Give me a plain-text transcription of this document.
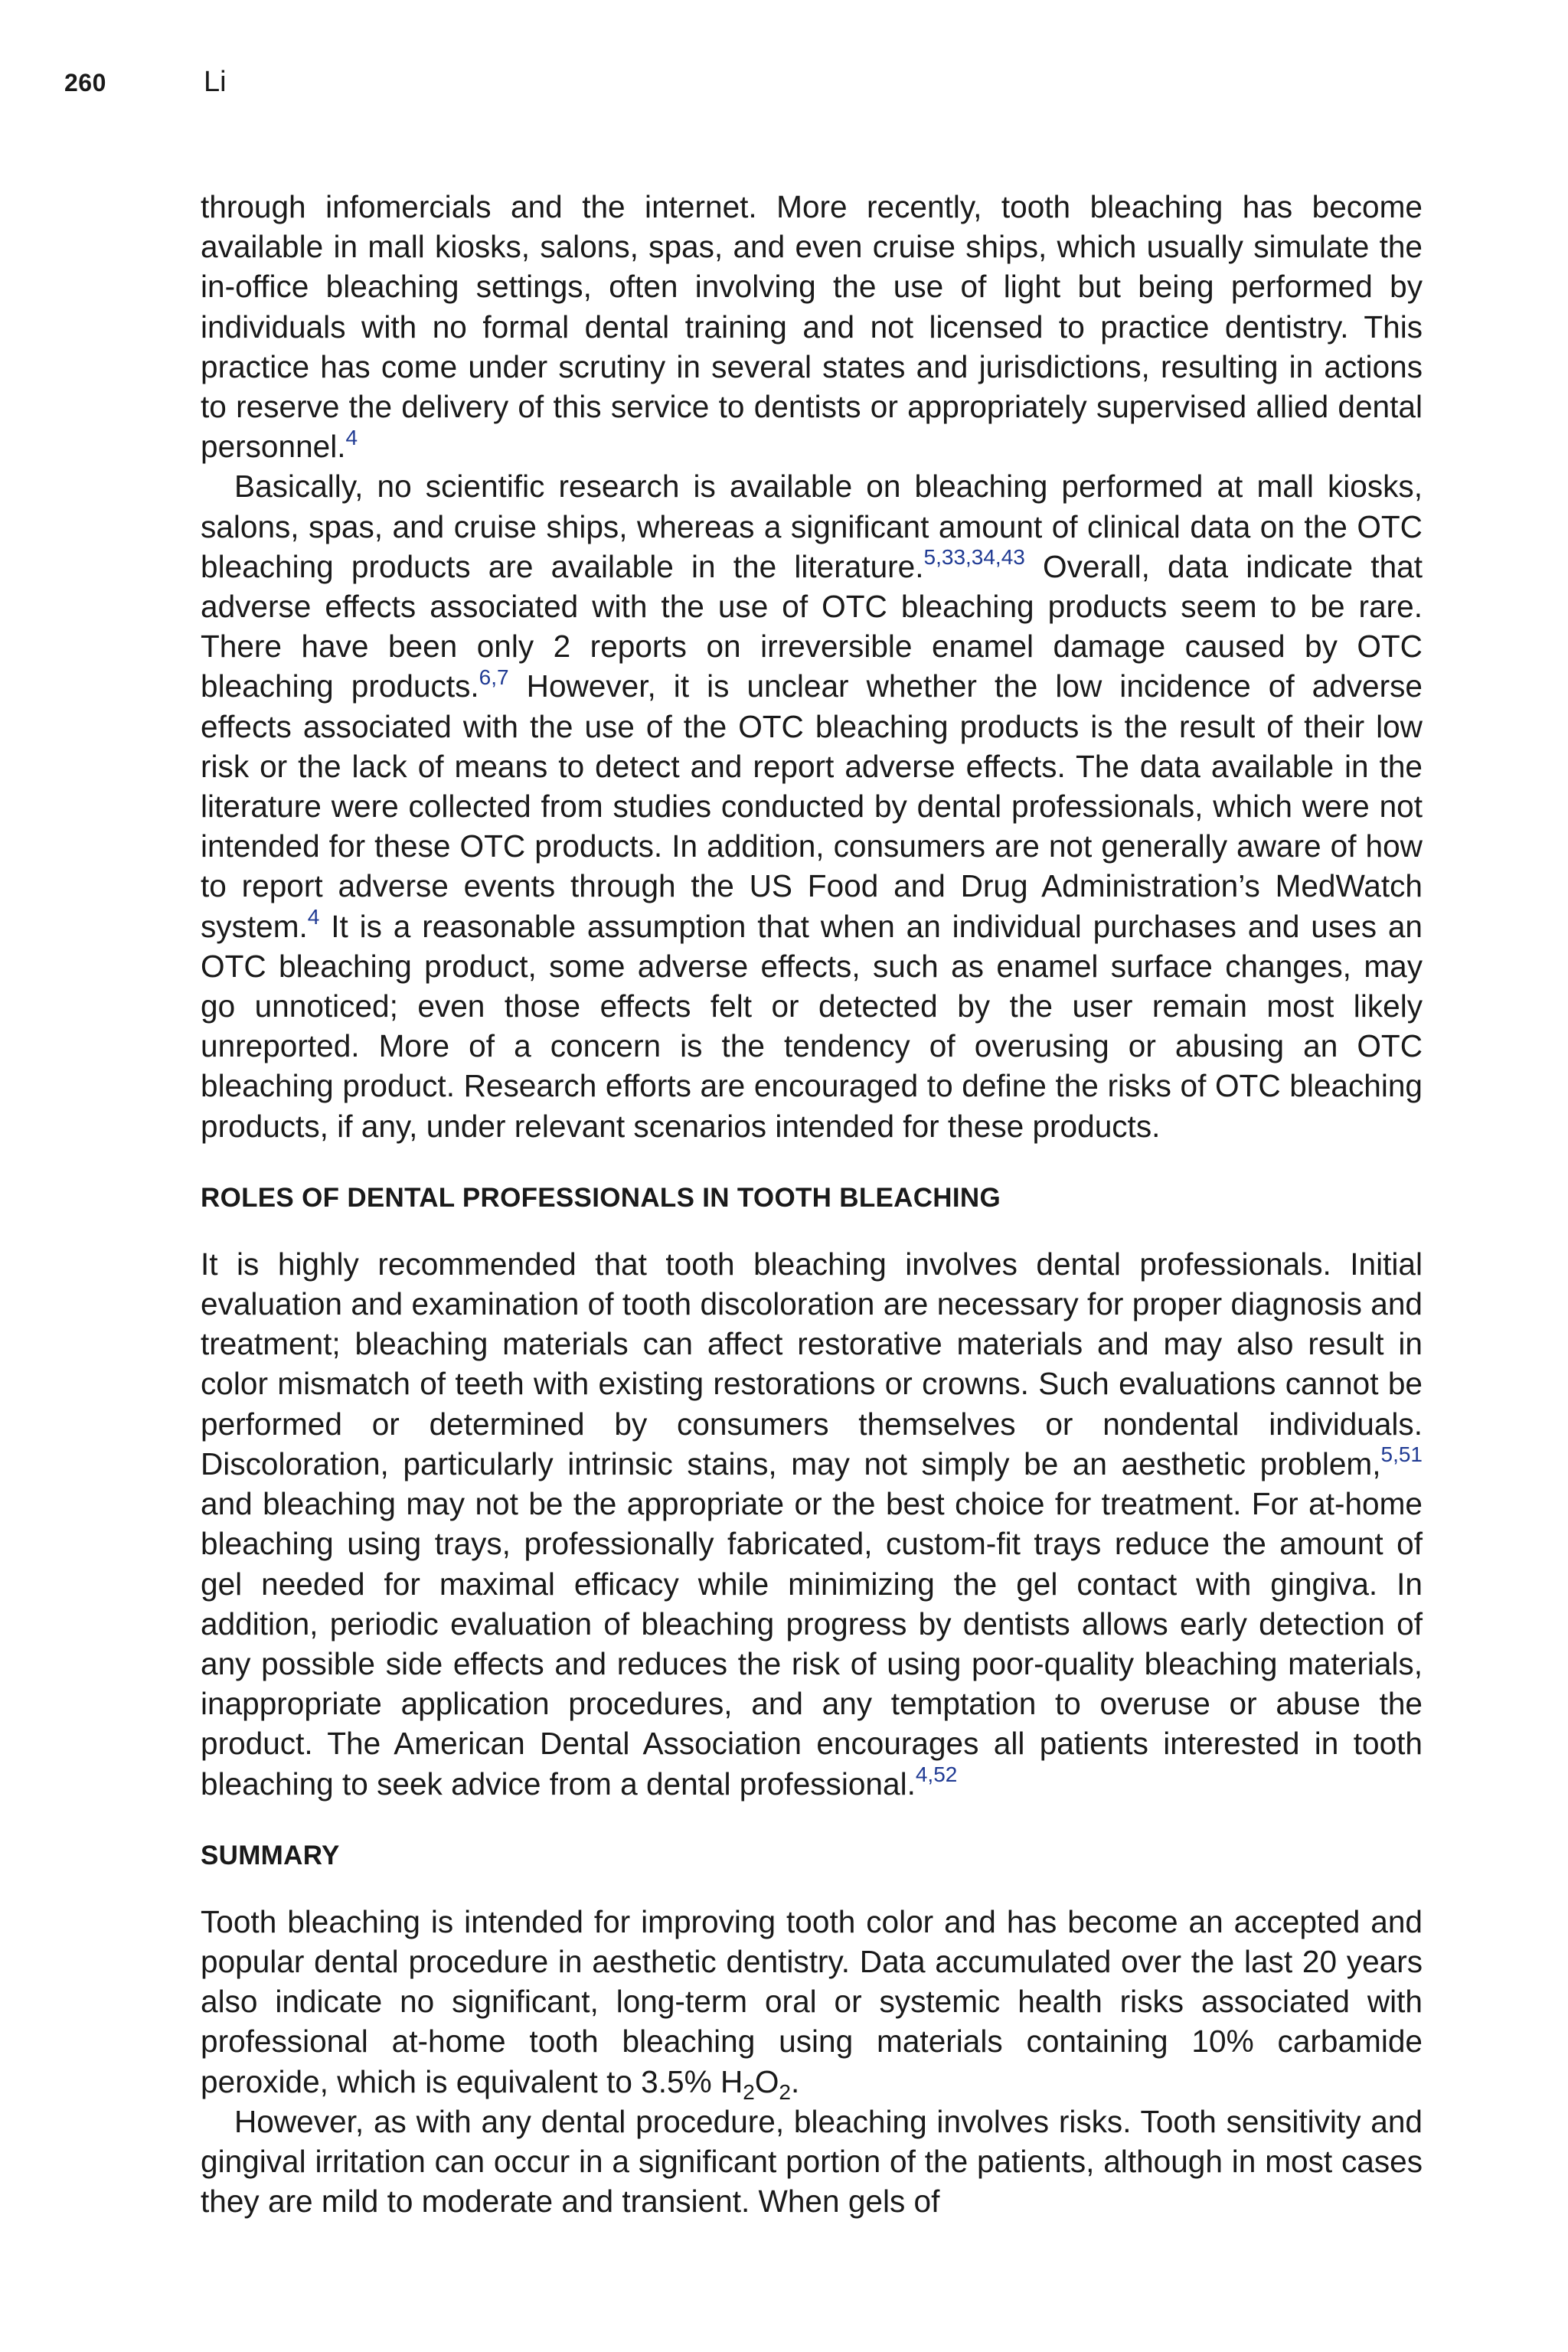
260	Li

through infomercials and the internet. More recently, tooth bleaching has become available in mall kiosks, salons, spas, and even cruise ships, which usually simulate the in-office bleaching settings, often involving the use of light but being performed by individuals with no formal dental training and not licensed to practice dentistry. This practice has come under scrutiny in several states and jurisdictions, resulting in actions to reserve the delivery of this service to dentists or appropriately supervised allied dental personnel.$^4$

Basically, no scientific research is available on bleaching performed at mall kiosks, salons, spas, and cruise ships, whereas a significant amount of clinical data on the OTC bleaching products are available in the literature.$^{5,33,34,43}$ Overall, data indicate that adverse effects associated with the use of OTC bleaching products seem to be rare. There have been only 2 reports on irreversible enamel damage caused by OTC bleaching products.$^{6,7}$ However, it is unclear whether the low incidence of adverse effects associated with the use of the OTC bleaching products is the result of their low risk or the lack of means to detect and report adverse effects. The data available in the literature were collected from studies conducted by dental professionals, which were not intended for these OTC products. In addition, consumers are not generally aware of how to report adverse events through the US Food and Drug Administration’s MedWatch system.$^4$ It is a reasonable assumption that when an individual purchases and uses an OTC bleaching product, some adverse effects, such as enamel surface changes, may go unnoticed; even those effects felt or detected by the user remain most likely unreported. More of a concern is the tendency of overusing or abusing an OTC bleaching product. Research efforts are encouraged to define the risks of OTC bleaching products, if any, under relevant scenarios intended for these products.

ROLES OF DENTAL PROFESSIONALS IN TOOTH BLEACHING

It is highly recommended that tooth bleaching involves dental professionals. Initial evaluation and examination of tooth discoloration are necessary for proper diagnosis and treatment; bleaching materials can affect restorative materials and may also result in color mismatch of teeth with existing restorations or crowns. Such evaluations cannot be performed or determined by consumers themselves or nondental individuals. Discoloration, particularly intrinsic stains, may not simply be an aesthetic problem,$^{5,51}$ and bleaching may not be the appropriate or the best choice for treatment. For at-home bleaching using trays, professionally fabricated, custom-fit trays reduce the amount of gel needed for maximal efficacy while minimizing the gel contact with gingiva. In addition, periodic evaluation of bleaching progress by dentists allows early detection of any possible side effects and reduces the risk of using poor-quality bleaching materials, inappropriate application procedures, and any temptation to overuse or abuse the product. The American Dental Association encourages all patients interested in tooth bleaching to seek advice from a dental professional.$^{4,52}$

SUMMARY

Tooth bleaching is intended for improving tooth color and has become an accepted and popular dental procedure in aesthetic dentistry. Data accumulated over the last 20 years also indicate no significant, long-term oral or systemic health risks associated with professional at-home tooth bleaching using materials containing 10% carbamide peroxide, which is equivalent to 3.5% $H_2O_2$.

However, as with any dental procedure, bleaching involves risks. Tooth sensitivity and gingival irritation can occur in a significant portion of the patients, although in most cases they are mild to moderate and transient. When gels of
